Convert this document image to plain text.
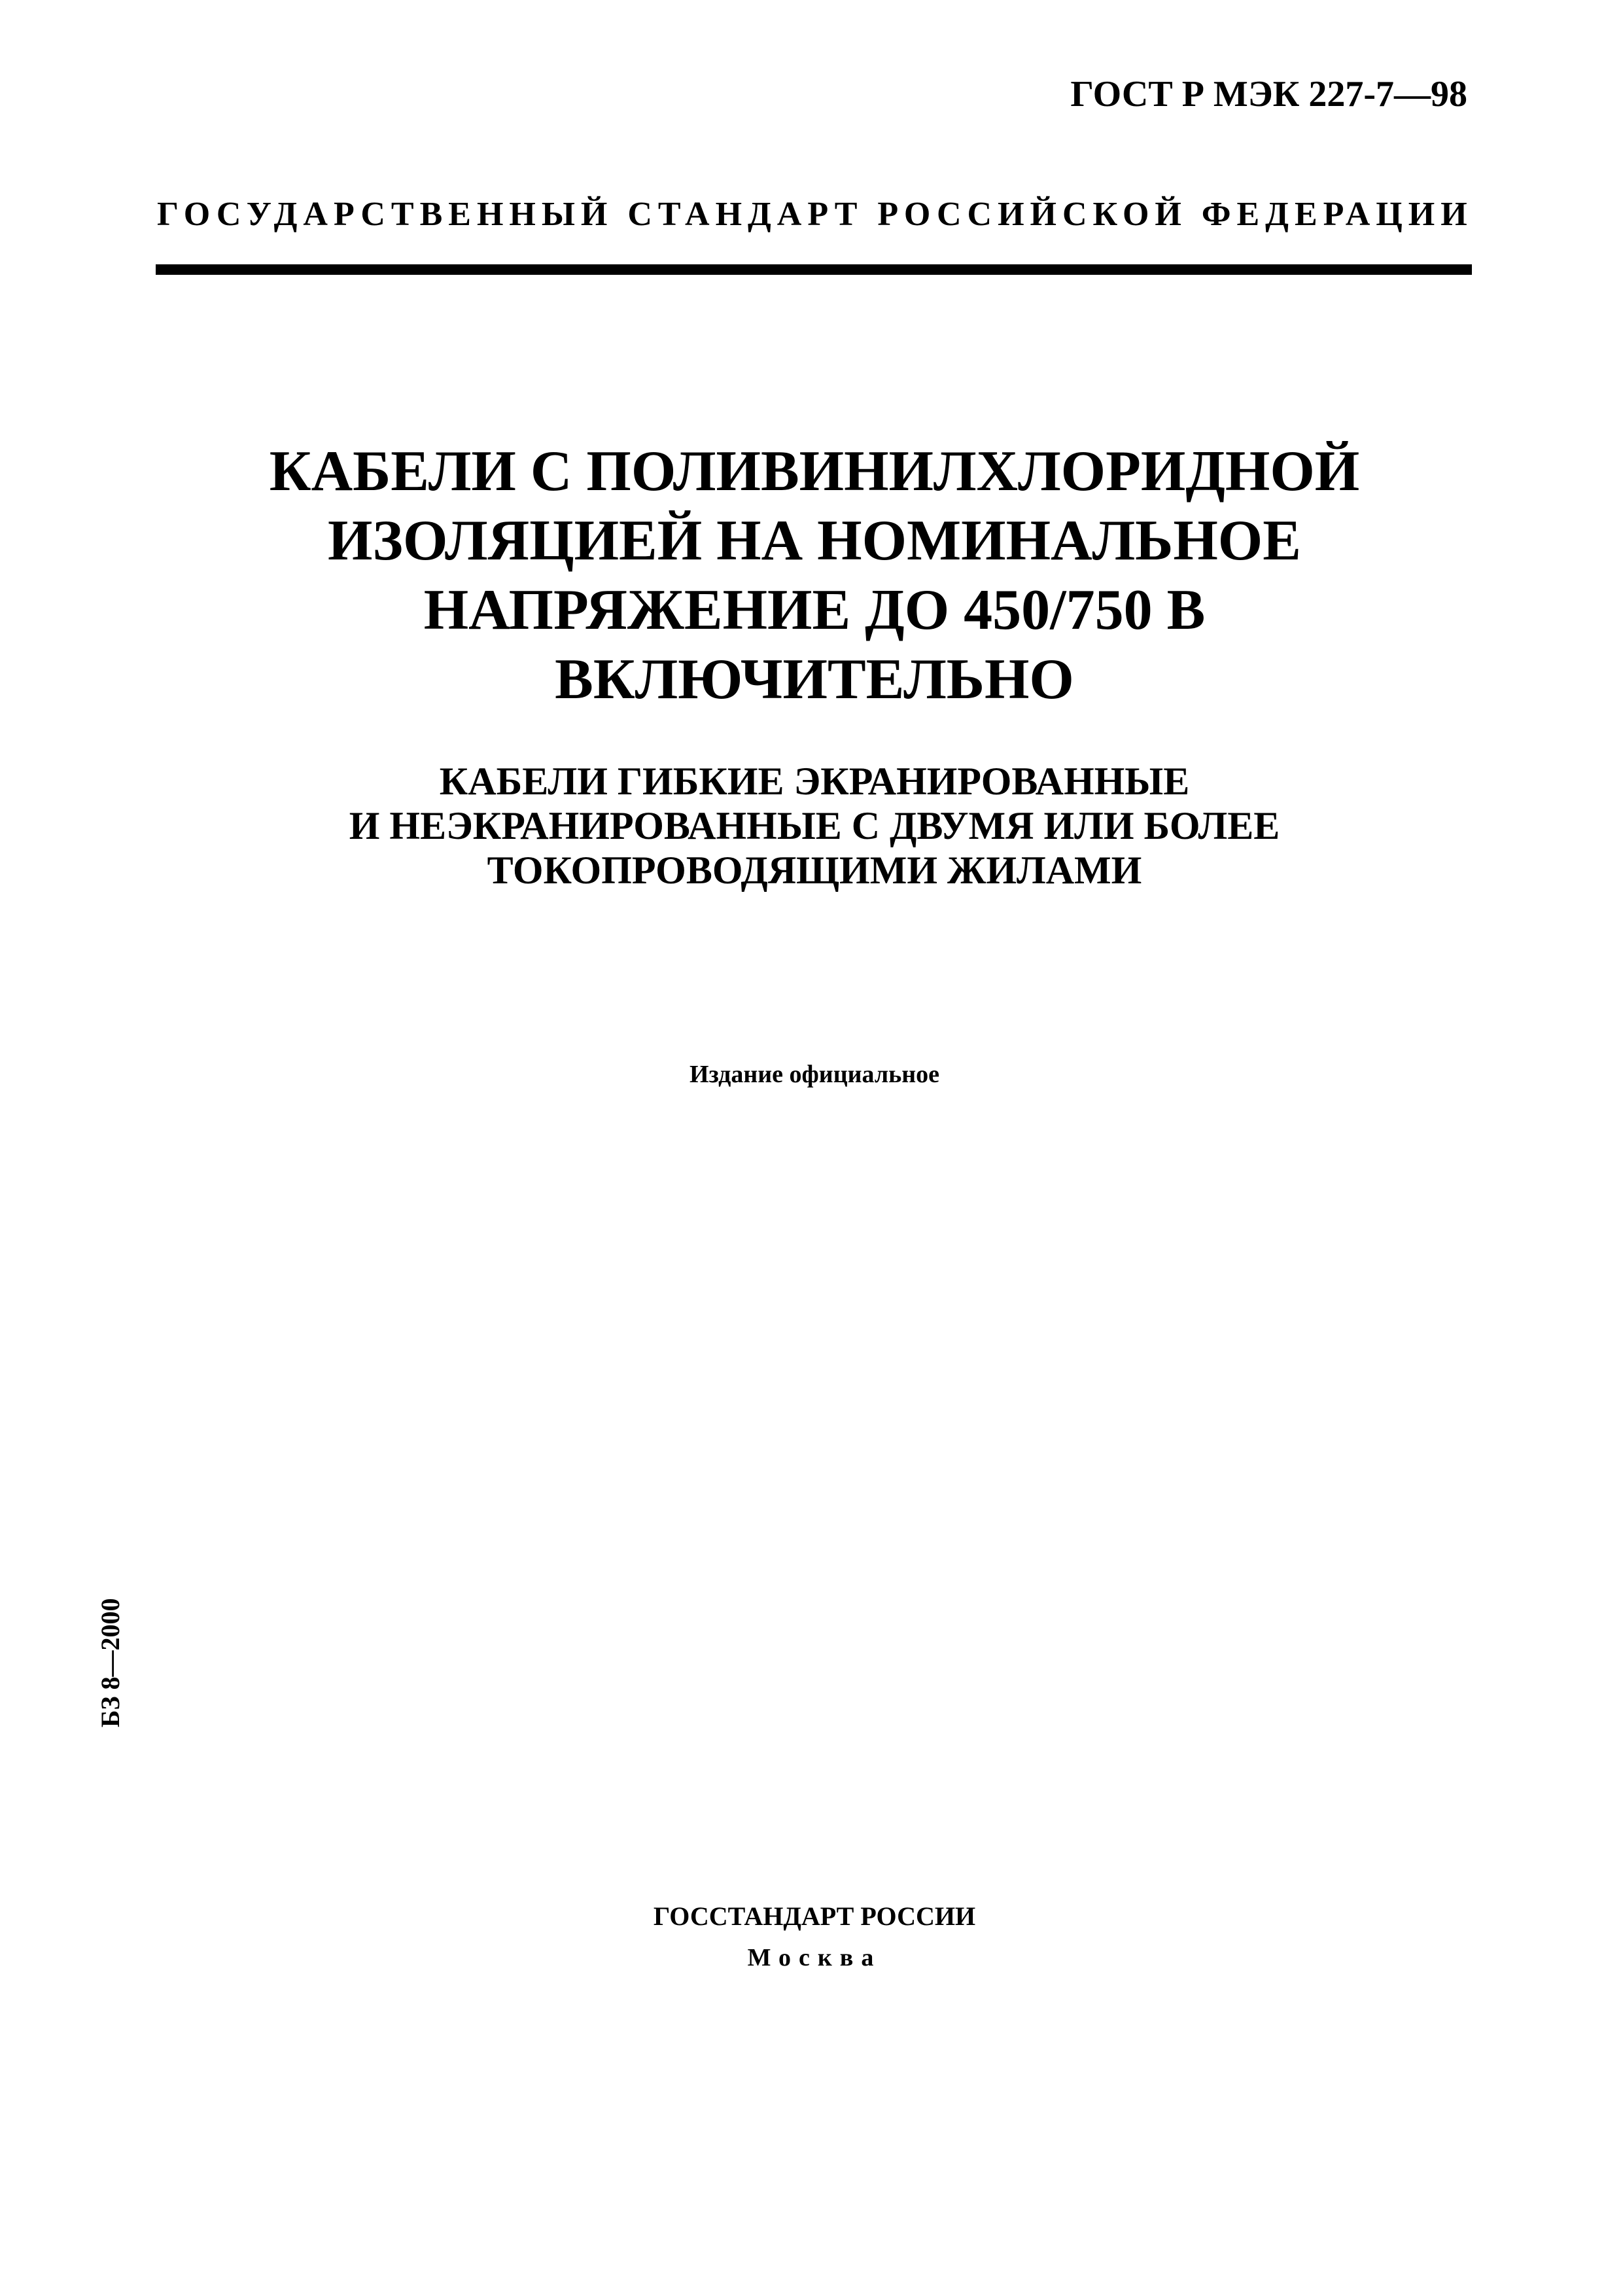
ГОСТ Р МЭК 227-7—98
ГОСУДАРСТВЕННЫЙ СТАНДАРТ РОССИЙСКОЙ ФЕДЕРАЦИИ
КАБЕЛИ С ПОЛИВИНИЛХЛОРИДНОЙ
ИЗОЛЯЦИЕЙ НА НОМИНАЛЬНОЕ
НАПРЯЖЕНИЕ ДО 450/750 В
ВКЛЮЧИТЕЛЬНО
КАБЕЛИ ГИБКИЕ ЭКРАНИРОВАННЫЕ
И НЕЭКРАНИРОВАННЫЕ С ДВУМЯ ИЛИ БОЛЕЕ
ТОКОПРОВОДЯЩИМИ ЖИЛАМИ
Издание официальное
БЗ 8—2000
ГОССТАНДАРТ РОССИИ
Москва
